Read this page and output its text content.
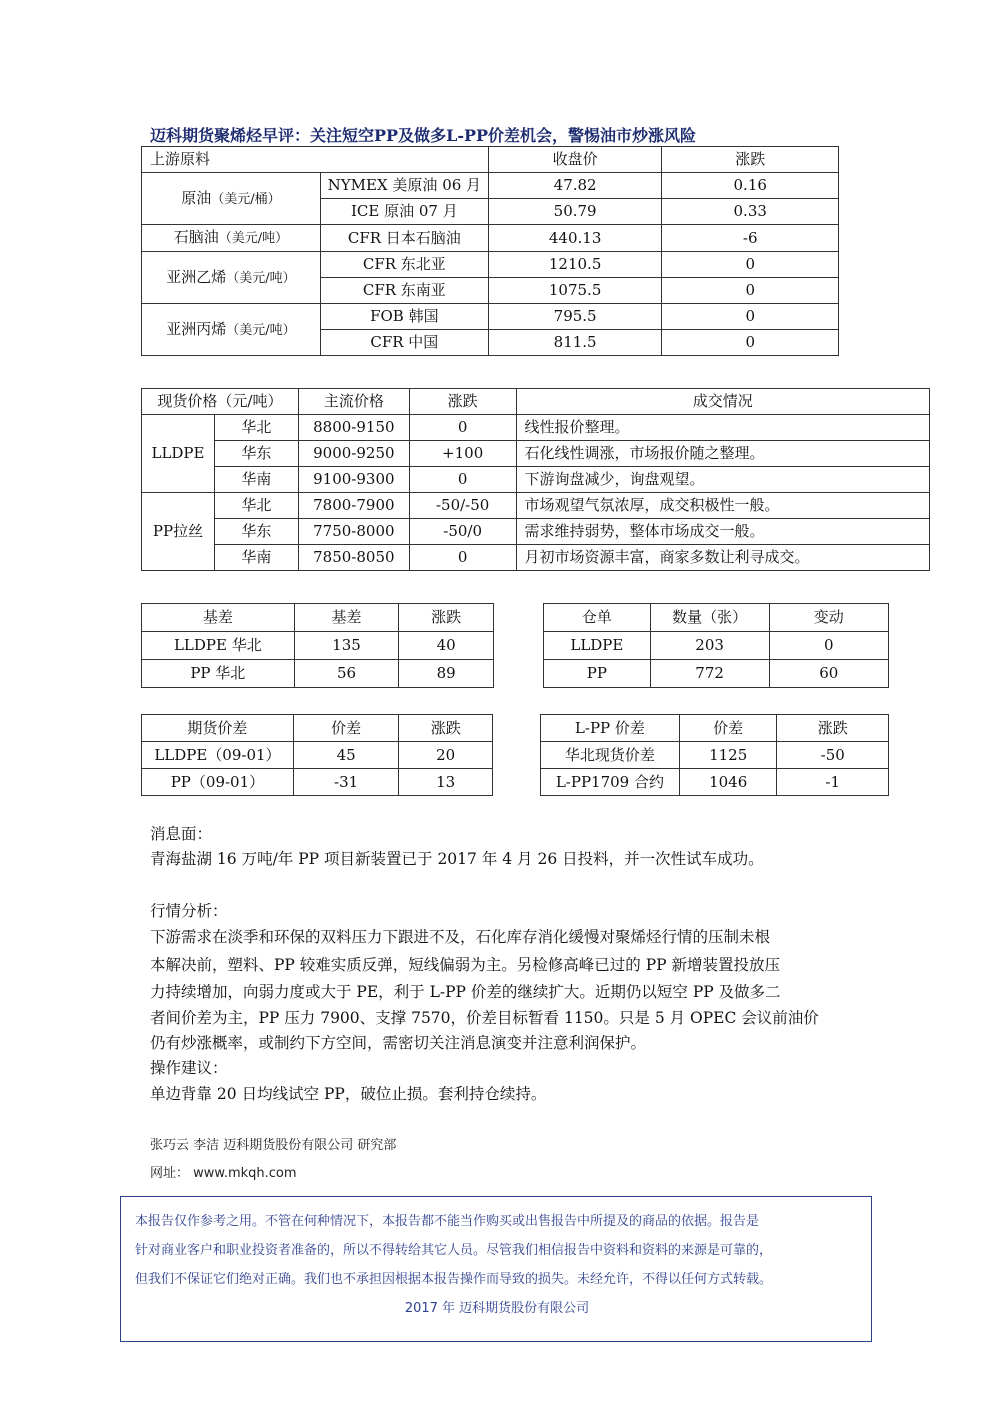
迈科期货聚烯烃早评：关注短空PP及做多L-PP价差机会，警惕油市炒涨风险
上游原料		收盘价	涨跌
原油（美元/桶）	NYMEX 美原油 06 月	47.82	0.16
	ICE 原油 07 月	50.79	0.33
石脑油（美元/吨）	CFR 日本石脑油	440.13	-6
亚洲乙烯（美元/吨）	CFR 东北亚	1210.5	0
	CFR 东南亚	1075.5	0
亚洲丙烯（美元/吨）	FOB 韩国	795.5	0
	CFR 中国	811.5	0
现货价格（元/吨）		主流价格	涨跌	成交情况
LLDPE	华北	8800-9150	0	线性报价整理。
	华东	9000-9250	+100	石化线性调涨，市场报价随之整理。
	华南	9100-9300	0	下游询盘减少，询盘观望。
PP拉丝	华北	7800-7900	-50/-50	市场观望气氛浓厚，成交积极性一般。
	华东	7750-8000	-50/0	需求维持弱势，整体市场成交一般。
	华南	7850-8050	0	月初市场资源丰富，商家多数让利寻成交。
基差	基差	涨跌
LLDPE 华北	135	40
PP 华北	56	89
仓单	数量（张）	变动
LLDPE	203	0
PP	772	60
期货价差	价差	涨跌
LLDPE（09-01）	45	20
PP（09-01）	-31	13
L-PP 价差	价差	涨跌
华北现货价差	1125	-50
L-PP1709 合约	1046	-1
消息面：
青海盐湖 16 万吨/年 PP 项目新装置已于 2017 年 4 月 26 日投料，并一次性试车成功。
行情分析：
下游需求在淡季和环保的双料压力下跟进不及，石化库存消化缓慢对聚烯烃行情的压制未根
本解决前，塑料、PP 较难实质反弹，短线偏弱为主。另检修高峰已过的 PP 新增装置投放压
力持续增加，向弱力度或大于 PE，利于 L-PP 价差的继续扩大。近期仍以短空 PP 及做多二
者间价差为主，PP 压力 7900、支撑 7570，价差目标暂看 1150。只是 5 月 OPEC 会议前油价
仍有炒涨概率，或制约下方空间，需密切关注消息演变并注意利润保护。
操作建议：
单边背靠 20 日均线试空 PP，破位止损。套利持仓续持。
张巧云 李洁 迈科期货股份有限公司 研究部
网址： www.mkqh.com
本报告仅作参考之用。不管在何种情况下，本报告都不能当作购买或出售报告中所提及的商品的依据。报告是
针对商业客户和职业投资者准备的，所以不得转给其它人员。尽管我们相信报告中资料和资料的来源是可靠的，
但我们不保证它们绝对正确。我们也不承担因根据本报告操作而导致的损失。未经允许，不得以任何方式转载。
2017 年 迈科期货股份有限公司
